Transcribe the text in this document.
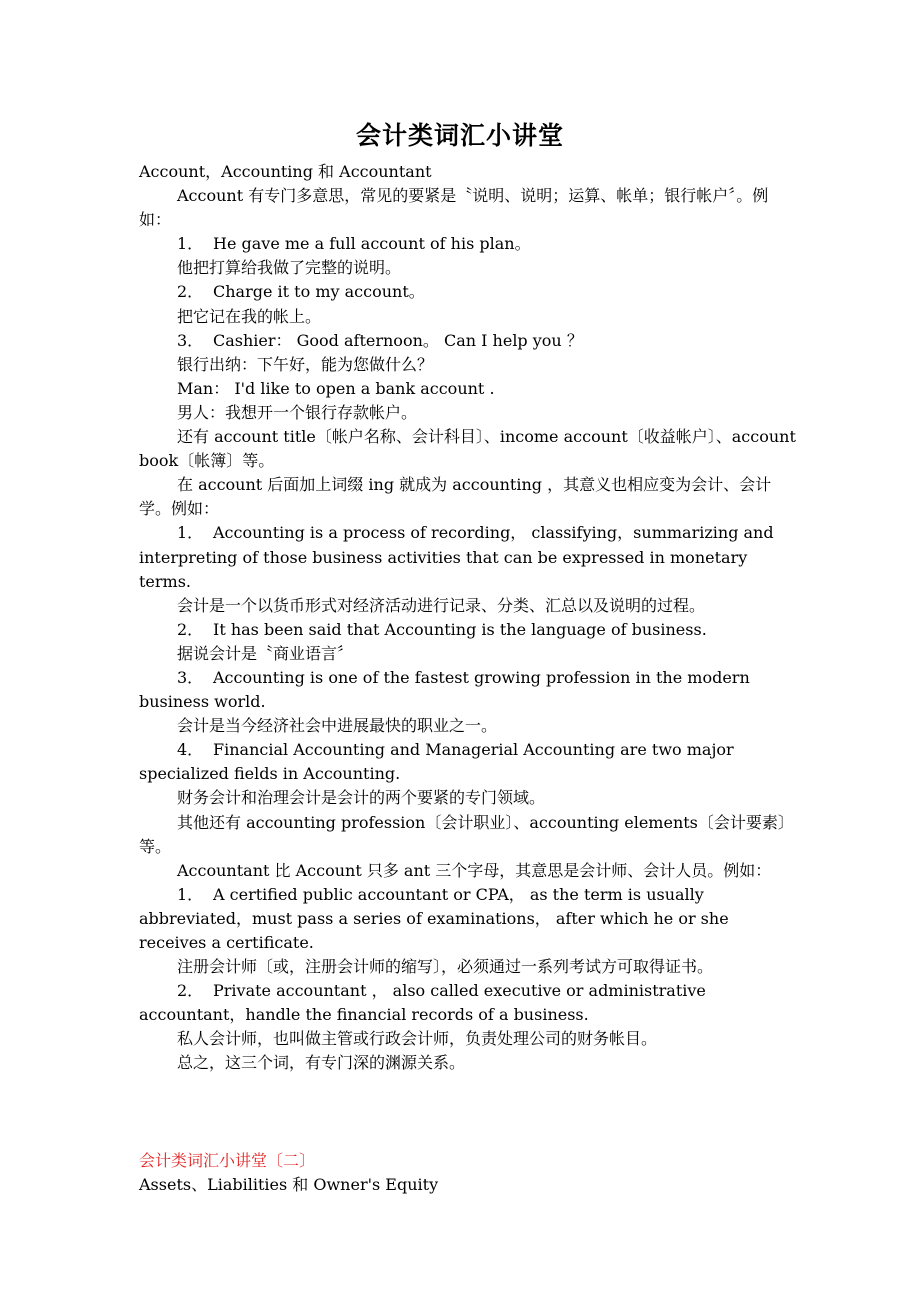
会计类词汇小讲堂

Account，Accounting 和 Accountant

Account 有专门多意思，常见的要紧是〝说明、说明；运算、帐单；银行帐户〞。例如：

1． He gave me a full account of his plan。

他把打算给我做了完整的说明。

2． Charge it to my account。

把它记在我的帐上。

3． Cashier： Good afternoon。 Can I help you ？

银行出纳：下午好，能为您做什么？

Man： I'd like to open a bank account .

男人：我想开一个银行存款帐户。

还有 account title〔帐户名称、会计科目〕、income account〔收益帐户〕、account book〔帐簿〕等。

在 account 后面加上词缀 ing 就成为 accounting ，其意义也相应变为会计、会计学。例如：

1． Accounting is a process of recording， classifying，summarizing and interpreting of those business activities that can be expressed in monetary terms.

会计是一个以货币形式对经济活动进行记录、分类、汇总以及说明的过程。

2． It has been said that Accounting is the language of business.

据说会计是〝商业语言〞

3． Accounting is one of the fastest growing profession in the modern business world.

会计是当今经济社会中进展最快的职业之一。

4． Financial Accounting and Managerial Accounting are two major specialized fields in Accounting.

财务会计和治理会计是会计的两个要紧的专门领域。

其他还有 accounting profession〔会计职业〕、accounting elements〔会计要素〕等。

Accountant 比 Account 只多 ant 三个字母，其意思是会计师、会计人员。例如：

1． A certified public accountant or CPA， as the term is usually abbreviated，must pass a series of examinations， after which he or she receives a certificate.

注册会计师〔或，注册会计师的缩写〕，必须通过一系列考试方可取得证书。

2． Private accountant ， also called executive or administrative accountant，handle the financial records of a business.

私人会计师，也叫做主管或行政会计师，负责处理公司的财务帐目。

总之，这三个词，有专门深的渊源关系。

会计类词汇小讲堂〔二〕

Assets、Liabilities 和 Owner's Equity
